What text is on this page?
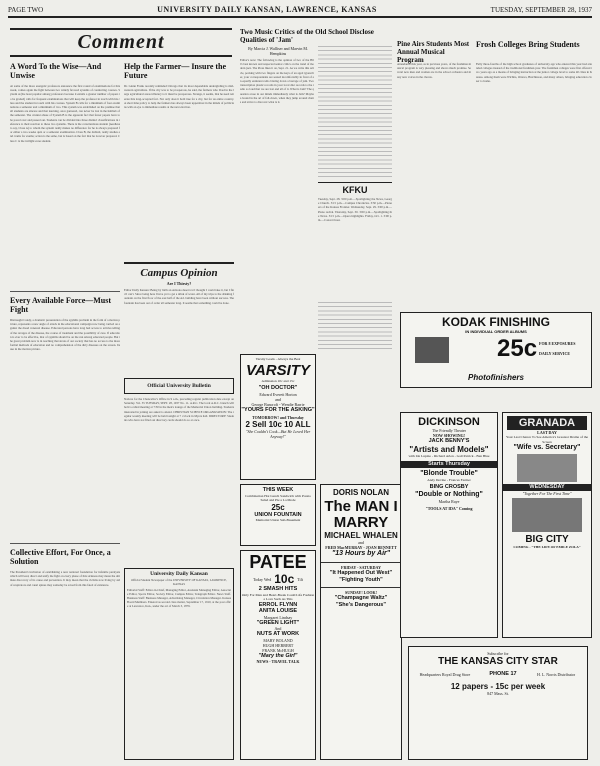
PAGE TWO	UNIVERSITY DAILY KANSAN, LAWRENCE, KANSAS	TUESDAY, SEPTEMBER 28, 1937
Comment
A Word To the Wise—And Unwise
At some of the more energetic professors announce the first round of examinations for this week, comes again the fight between two widely favored systems of conducting courses. System A (the least popular among professors because it entails a greater number of papers to be graded) calls for frequent examinations that will keep the professor in touch with his class and the student in touch with his courses. System B calls for a minimum of four examinations a semester and a minimum of two. This system was established on the premise that all students are sincere and that learning, once garnered, can never be lost in the hubbub of the semester. The crudest abuse of System B is the apparent fact that fewer papers have to be pored over and passed out. Students can be divided into three distinct classifications in reference to their reaction to these two systems. There is the conscientious student (needless to say, Class A) to whom the system really makes no difference for he is always prepared for either a two-weeks quiz or a semester examination. Class B, the dullard, really studies and crams for exams; action is the same, but is based on the fact that he is never prepared. Class C is the twilight zone student.
Every Available Force—Must Fight
Distraught Candy, a dramatic presentation of the syphilis problem in the form of a motion picture, represents a new angle of attack in the educational campaign now being carried on against the dread venereal disease. Educated persons have long had access to articles telling of the ravages of the disease, the course of treatment and the possibility of cure. If education is ever to be effective, that of syphilis should be on the run among educated people. But the great problem now is in reaching that strata of our society that has no access to the more formal methods of education and no comprehension of the dirty diseases on the screen. Its use in the motion picture.
Collective Effort, For Once, a Solution
The President's invitation of establishing a new national foundation for infantile paralysis which will lead, direct and unify the fight on every phase of this sickness may mean the ultimate discovery of its cause and prevention. It may mean that the victims now living by aid of respirators and canal spines may someday be saved from this fated of existence.
Help the Farmer— Insure the Future
Dr. Glenn Frank recently reminded Chicago that its most dependable undergirding is mid-western agriculture. If the city was to be prosperous, he said, the farmers who lived in the large agricultural areas tributary to it must be prosperous. Strange, it seems, that he need reiterate this long-accepted fact. Not only does it hold true for a city, but for an entire country. A short time policy to help the farmers has always been uppermost in the minds of politicians with an eye to immediate results at the next election.
Campus Opinion
Are I Thirsty?
Editor Daily Kansan: Being by birth an Arizona desert rat I thought I could take it, but I find I can't. Since being here I have yet to get a drink of water. All of my trips to the drinking fountain on the first floor of the east half of the Ad. building have been without success. The fountain has been out of order all semester long. It seems that something could be done.
Official University Bulletin
Notices for the Chancellor's Office in 9 a.m., preceding regular publication date except on Saturday. Vol. 35 TUESDAY, SEPT. 28, 1937 No. 11. A.R.C. The local A.R.C. branch will hold a called meeting at 7:30 in the men's lounge of the Memorial Union building. Students interested in joining are asked to attend. CHRISTIAN SCIENCE ORGANIZATION: The regular weekly meeting will be held tonight at 7 o'clock in Myers hall. DIRECTORY: Students who have not filed out directory cards should do so at once.
University Daily Kansan
Official Student Newspaper of the UNIVERSITY OF KANSAS, LAWRENCE, KANSAS
Editorial Staff: Editor-in-Chief, Managing Editor, Assistant Managing Editor, Associate Editor, Sports Editor, Society Editor, Campus Editor, Telegraph Editor. News Staff. Business Staff: Business Manager, Advertising Manager, Circulation Manager. Kansas Board Members. Entered as second class matter, September 17, 1910, at the post office at Lawrence, Kan., under the act of March 3, 1879.
Two Music Critics of the Old School Disclose Qualities of 'Jam'
By Marcia J. Walliser and Marvin M. Hempkins
Editor's note: The following is the opinion of two of the Hill's best known and respected senior critics on the trend of modern jazz. The Press likes it on, Sept. 21. As we write this article, pecking with two fingers on the keys of an aged typewriter, your correspondents are seated incomfortably in front of an equally endurant radio blaring down a barrage of jam. Two transcription plastic records in your local disc records to the radio so loud that we are lost and all of it. What is Jam? The question arose in our minds immediately what is Jam? Maybe a bound in the art of fall-down, when they jump around chairs and strive to discover what is it.
KFKU
Tuesday, Sept. 28. 3:00 p.m.—Spotlighting the News, George Church. 3:15 p.m.—Campus Chronicles. 3:30 p.m.—Pioneers of the Kansas Frontier. Wednesday, Sept. 29. 3:00 p.m.—Piano recital. Thursday, Sept. 30. 3:00 p.m.—Spotlighting the News. 3:15 p.m.—Opera highlights. Friday, Oct. 1. 3:00 p.m.—Concert hour.
Varsity Leads - Always the Best
VARSITY
Admission 10c and 15c
"OH DOCTOR"
Edward Everett Horton
and
George Bancroft - Wendie Barrie
"YOURS FOR THE ASKING"
TOMORROW! and Thursday
2 Sell 10c 10 ALL
"She Couldn't Cook—But He Loved Her Anyway!"
THIS WEEK
Combination Hot Lunch Sandwich with Potato Salad and Pie a La Mode
25c
UNION FOUNTAIN
Memorial Union Sub-Basement
PATEE
Today Wed 10c Tilt
2 SMASH HITS
Only For Men and Heart-Break Could Life Fashion a Love Such As This
ERROL FLYNN
ANITA LOUISE
Margaret Lindsay
"GREEN LIGHT"
And
NUTS AT WORK
MARY BOLAND
HUGH HERBERT
FRANK McHUGH
"Mary the Girl"
NEWS - TRAVEL TALK
DORIS NOLAN
The MAN I MARRY
MICHAEL WHALEN
and
FRED MacMURRAY - JOAN BENNETT
"13 Hours by Air"
FRIDAY - SATURDAY
"It Happened Out West"
"Fighting Youth"
SUNDAY! LOOK!
"Champagne Waltz"
"She's Dangerous"
Pine Airs Students Most Annual Musical Program
Attendance this year, as in previous years, of the freshman musical program is very pleasing and shows much promise. Several new men and women are in the school orchestra and many new voices in the chorus.
Frosh Colleges Bring Students
Fully three-fourths of the high school graduates of university age who entered this year had attended colleges instead of the traditional freshman year. The freshman colleges were first offered two years ago as a means of bringing instruction at the junior college level to some 40 cities in Kansas. Among them were Wichita, Ottawa, Hutchinson, and many others, bringing education closer to home.
KODAK FINISHING
IN INDIVIDUAL ORDER ALBUMS
25c FOR 8 EXPOSURES
DAILY SERVICE
Photofinishers
DICKINSON
The Friendly Theater
NOW SHOWING!
JACK BENNY'S
"Artists and Models"
with Ida Lupino - Richard Arlen - Gail Patrick - Ben Blue
Starts Thursday
"Blonde Trouble"
Andy Devine - Frances Farmer
BING CROSBY
"Double or Nothing"
Martha Raye
"TOOLS AT IDA" Coming
GRANADA
LAST DAY
Your Last Chance To See America's Greatest Drama of the Screen
"Wife vs. Secretary"
WEDNESDAY
"Together For The First Time"
BIG CITY
COMING - "THE LIFE OF EMILE ZOLA"
Subscribe for
THE KANSAS CITY STAR
Headquarters Royal Drug Store	PHONE 17	H. L. Norris Distributor
12 papers - 15c per week
847 Mass. St.
